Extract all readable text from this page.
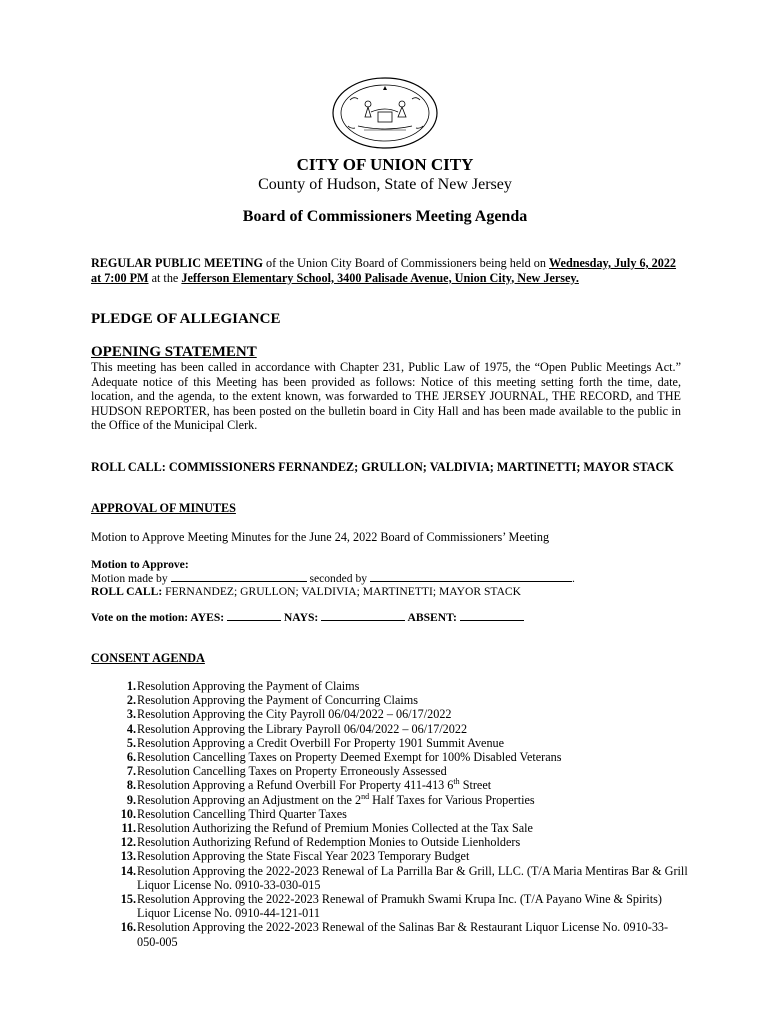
CITY OF UNION CITY
County of Hudson, State of New Jersey
Board of Commissioners Meeting Agenda
REGULAR PUBLIC MEETING of the Union City Board of Commissioners being held on Wednesday, July 6, 2022 at 7:00 PM at the Jefferson Elementary School, 3400 Palisade Avenue, Union City, New Jersey.
PLEDGE OF ALLEGIANCE
OPENING STATEMENT
This meeting has been called in accordance with Chapter 231, Public Law of 1975, the “Open Public Meetings Act.” Adequate notice of this Meeting has been provided as follows: Notice of this meeting setting forth the time, date, location, and the agenda, to the extent known, was forwarded to THE JERSEY JOURNAL, THE RECORD, and THE HUDSON REPORTER, has been posted on the bulletin board in City Hall and has been made available to the public in the Office of the Municipal Clerk.
ROLL CALL: COMMISSIONERS FERNANDEZ; GRULLON; VALDIVIA; MARTINETTI; MAYOR STACK
APPROVAL OF MINUTES
Motion to Approve Meeting Minutes for the June 24, 2022 Board of Commissioners’ Meeting
Motion to Approve:
Motion made by	seconded by	.
ROLL CALL: FERNANDEZ; GRULLON; VALDIVIA; MARTINETTI; MAYOR STACK
Vote on the motion: AYES:	NAYS:	ABSENT:
CONSENT AGENDA
1. Resolution Approving the Payment of Claims
2. Resolution Approving the Payment of Concurring Claims
3. Resolution Approving the City Payroll 06/04/2022 – 06/17/2022
4. Resolution Approving the Library Payroll 06/04/2022 – 06/17/2022
5. Resolution Approving a Credit Overbill For Property 1901 Summit Avenue
6. Resolution Cancelling Taxes on Property Deemed Exempt for 100% Disabled Veterans
7. Resolution Cancelling Taxes on Property Erroneously Assessed
8. Resolution Approving a Refund Overbill For Property 411-413 6th Street
9. Resolution Approving an Adjustment on the 2nd Half Taxes for Various Properties
10. Resolution Cancelling Third Quarter Taxes
11. Resolution Authorizing the Refund of Premium Monies Collected at the Tax Sale
12. Resolution Authorizing Refund of Redemption Monies to Outside Lienholders
13. Resolution Approving the State Fiscal Year 2023 Temporary Budget
14. Resolution Approving the 2022-2023 Renewal of La Parrilla Bar & Grill, LLC. (T/A Maria Mentiras Bar & Grill Liquor License No. 0910-33-030-015
15. Resolution Approving the 2022-2023 Renewal of Pramukh Swami Krupa Inc. (T/A Payano Wine & Spirits) Liquor License No. 0910-44-121-011
16. Resolution Approving the 2022-2023 Renewal of the Salinas Bar & Restaurant Liquor License No. 0910-33-050-005
